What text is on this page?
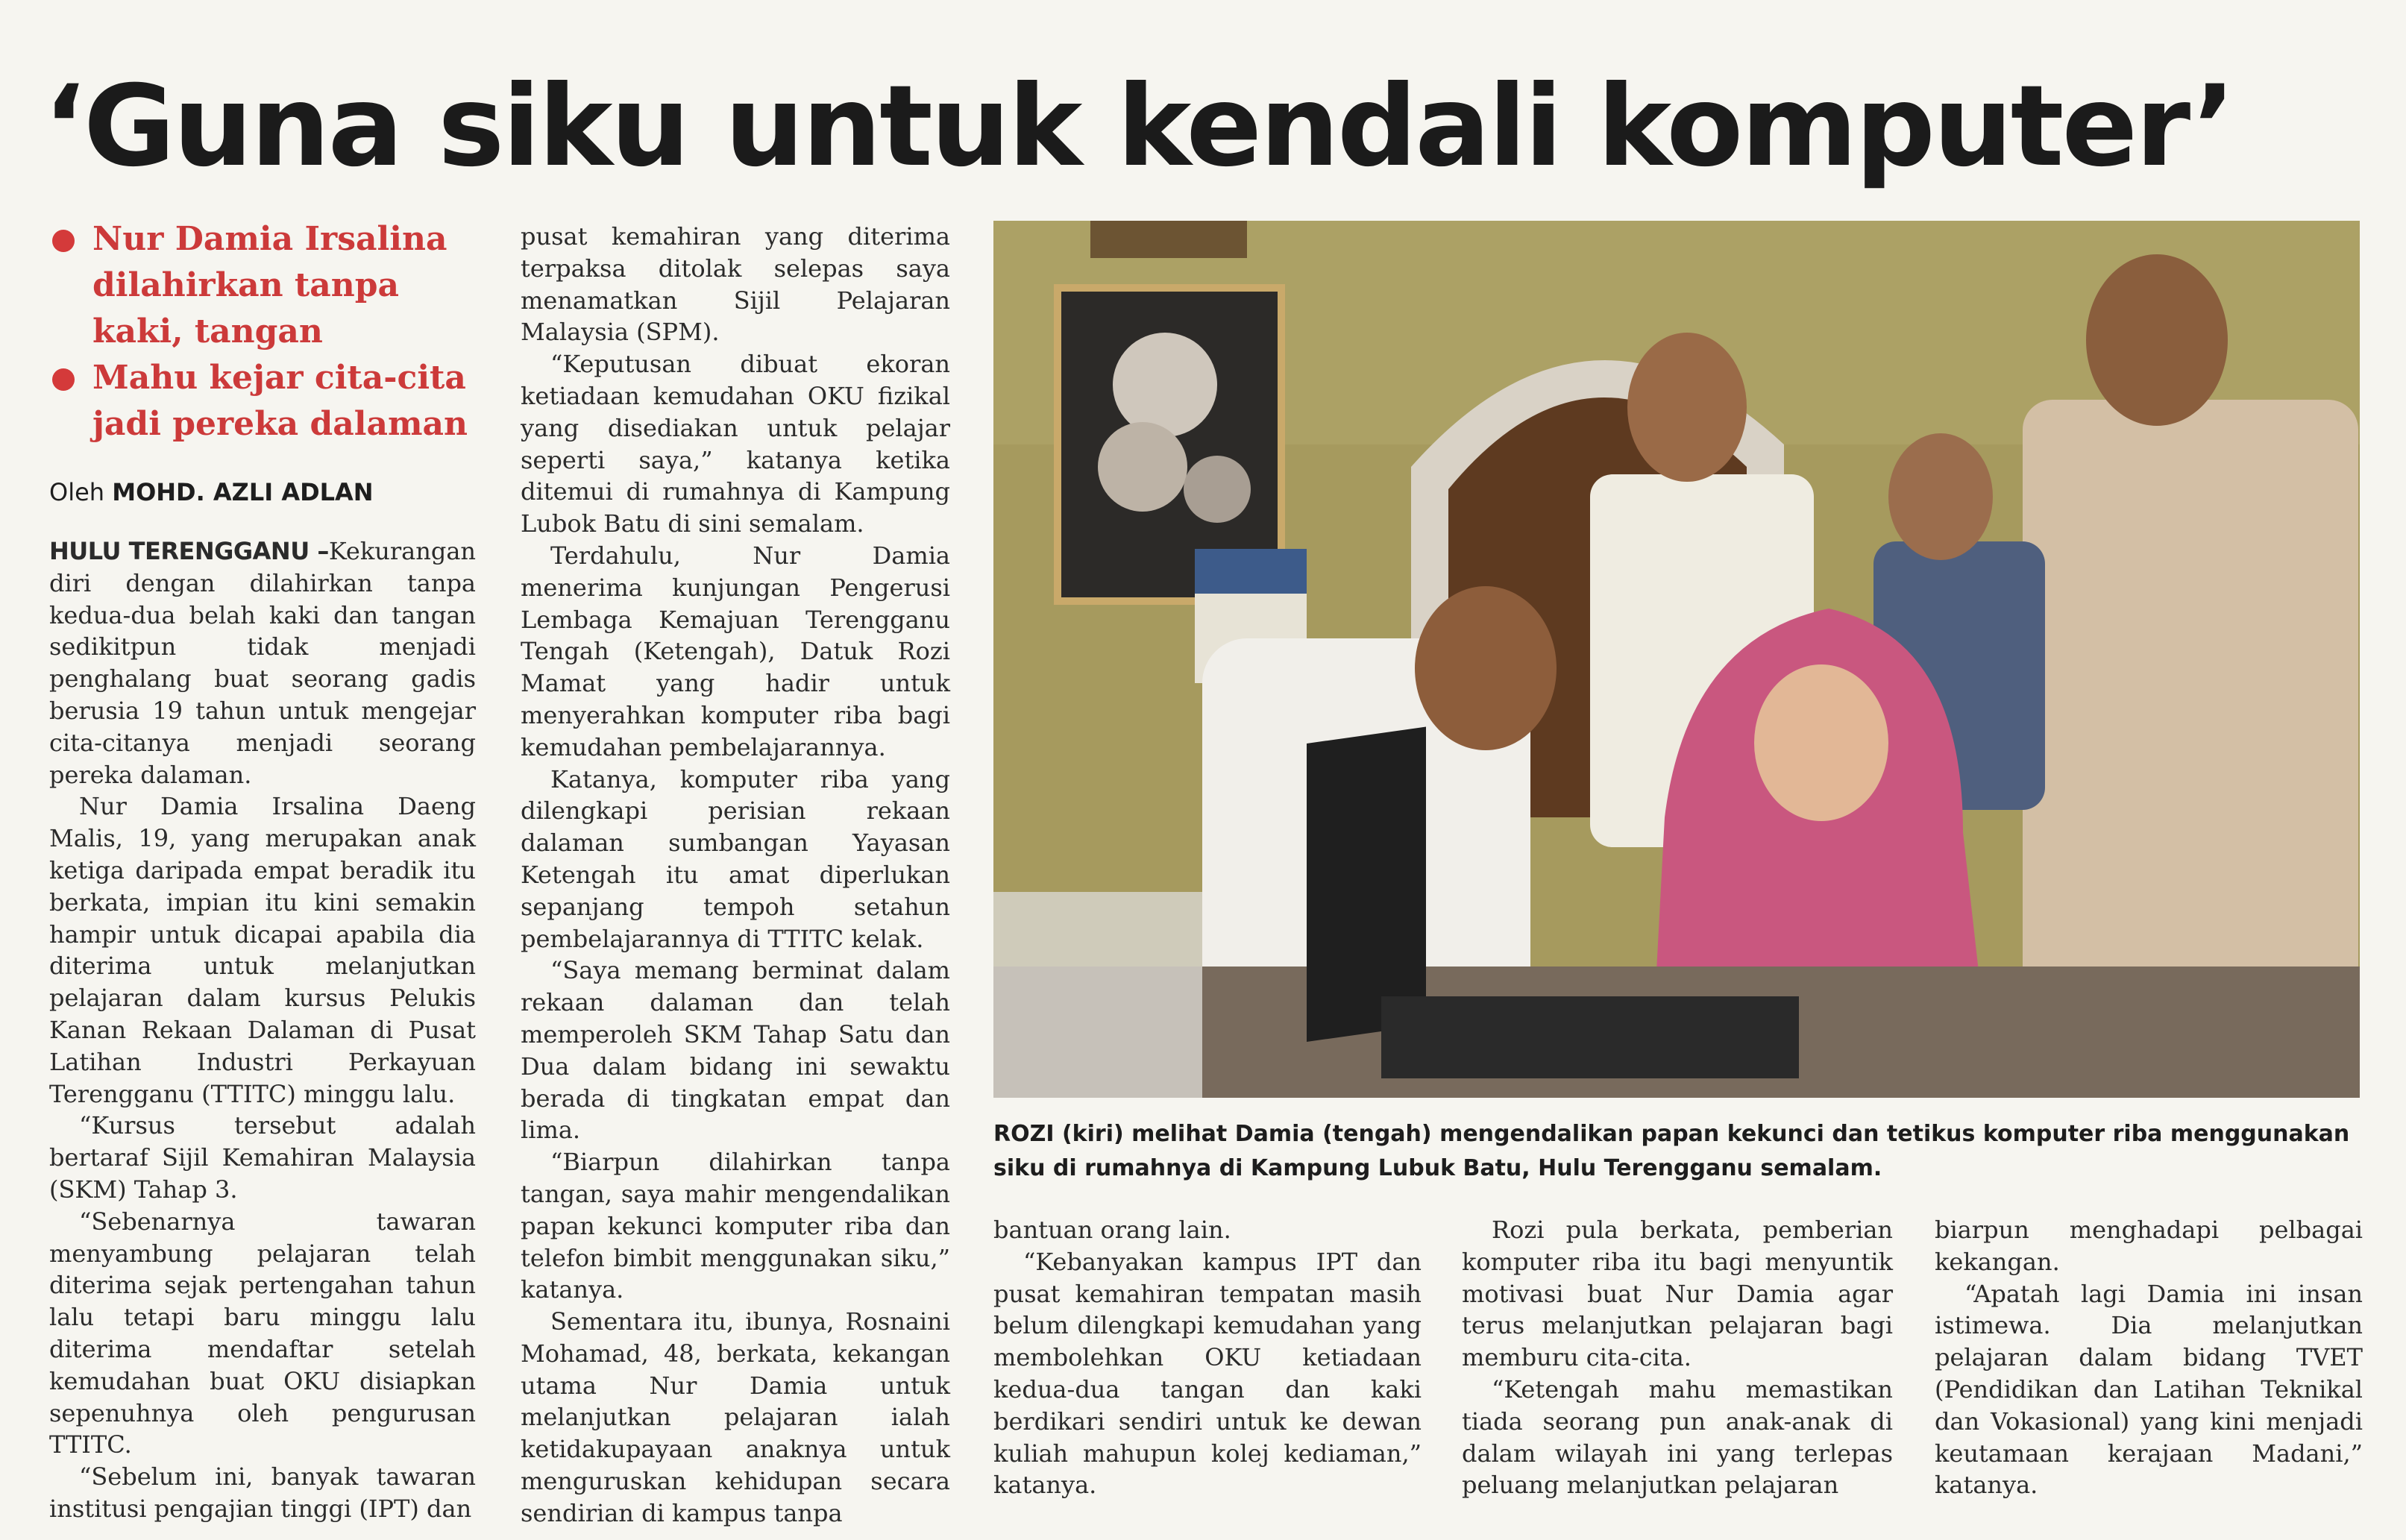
‘Guna siku untuk kendali komputer’
Nur Damia Irsalina
dilahirkan tanpa
kaki, tangan
Mahu kejar cita-cita
jadi pereka dalaman
Oleh MOHD. AZLI ADLAN

HULU TERENGGANU –Kekurangan diri dengan dilahirkan tanpa kedua-dua belah kaki dan tangan sedikitpun tidak menjadi penghalang buat seorang gadis berusia 19 tahun untuk mengejar cita-citanya menjadi seorang pereka dalaman.

Nur Damia Irsalina Daeng Malis, 19, yang merupakan anak ketiga daripada empat beradik itu berkata, impian itu kini semakin hampir untuk dicapai apabila dia diterima untuk melanjutkan pelajaran dalam kursus Pelukis Kanan Rekaan Dalaman di Pusat Latihan Industri Perkayuan Terengganu (TTITC) minggu lalu.

“Kursus tersebut adalah bertaraf Sijil Kemahiran Malaysia (SKM) Tahap 3.

“Sebenarnya tawaran menyambung pelajaran telah diterima sejak pertengahan tahun lalu tetapi baru minggu lalu diterima mendaftar setelah kemudahan buat OKU disiapkan sepenuhnya oleh pengurusan TTITC.

“Sebelum ini, banyak tawaran institusi pengajian tinggi (IPT) dan

pusat kemahiran yang diterima terpaksa ditolak selepas saya menamatkan Sijil Pelajaran Malaysia (SPM).

“Keputusan dibuat ekoran ketiadaan kemudahan OKU fizikal yang disediakan untuk pelajar seperti saya,” katanya ketika ditemui di rumahnya di Kampung Lubok Batu di sini semalam.

Terdahulu, Nur Damia menerima kunjungan Pengerusi Lembaga Kemajuan Terengganu Tengah (Ketengah), Datuk Rozi Mamat yang hadir untuk menyerahkan komputer riba bagi kemudahan pembelajarannya.

Katanya, komputer riba yang dilengkapi perisian rekaan dalaman sumbangan Yayasan Ketengah itu amat diperlukan sepanjang tempoh setahun pembelajarannya di TTITC kelak.

“Saya memang berminat dalam rekaan dalaman dan telah memperoleh SKM Tahap Satu dan Dua dalam bidang ini sewaktu berada di tingkatan empat dan lima.

“Biarpun dilahirkan tanpa tangan, saya mahir mengendalikan papan kekunci komputer riba dan telefon bimbit menggunakan siku,” katanya.

Sementara itu, ibunya, Rosnaini Mohamad, 48, berkata, kekangan utama Nur Damia untuk melanjutkan pelajaran ialah ketidakupayaan anaknya untuk menguruskan kehidupan secara sendirian di kampus tanpa

ROZI (kiri) melihat Damia (tengah) mengendalikan papan kekunci dan tetikus komputer riba menggunakan siku di rumahnya di Kampung Lubuk Batu, Hulu Terengganu semalam.

bantuan orang lain.

“Kebanyakan kampus IPT dan pusat kemahiran tempatan masih belum dilengkapi kemudahan yang membolehkan OKU ketiadaan kedua-dua tangan dan kaki berdikari sendiri untuk ke dewan kuliah mahupun kolej kediaman,” katanya.

Rozi pula berkata, pemberian komputer riba itu bagi menyuntik motivasi buat Nur Damia agar terus melanjutkan pelajaran bagi memburu cita-cita.

“Ketengah mahu memastikan tiada seorang pun anak-anak di dalam wilayah ini yang terlepas peluang melanjutkan pelajaran

biarpun menghadapi pelbagai kekangan.

“Apatah lagi Damia ini insan istimewa. Dia melanjutkan pelajaran dalam bidang TVET (Pendidikan dan Latihan Teknikal dan Vokasional) yang kini menjadi keutamaan kerajaan Madani,” katanya.
